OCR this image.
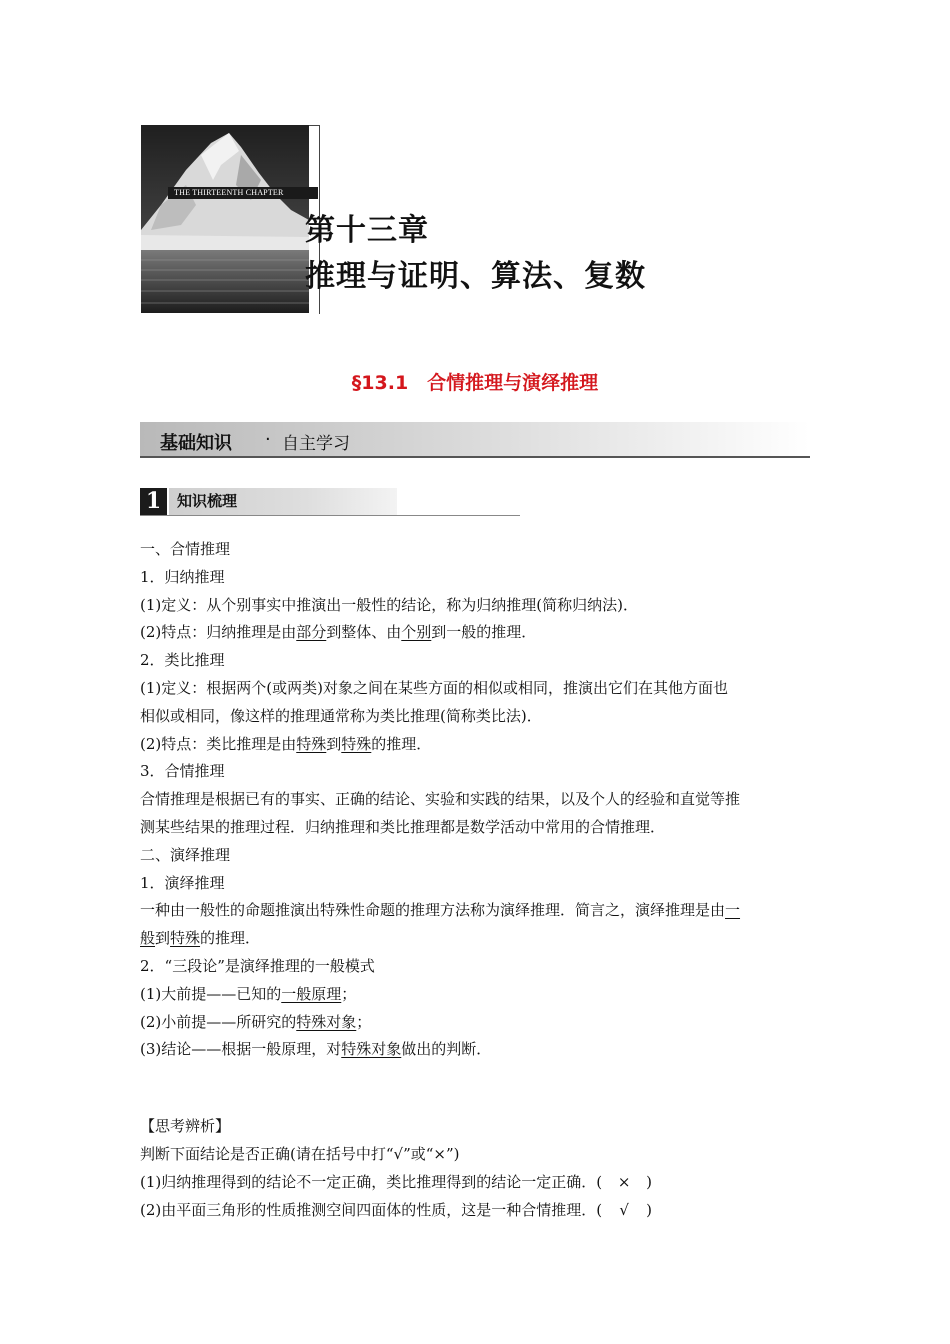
THE THIRTEENTH CHAPTER
第十三章
推理与证明、算法、复数
§13.1　合情推理与演绎推理
基础知识 · 自主学习
1	知识梳理

一、合情推理

1．归纳推理

(1)定义：从个别事实中推演出一般性的结论，称为归纳推理(简称归纳法)．

(2)特点：归纳推理是由部分到整体、由个别到一般的推理．

2．类比推理

(1)定义：根据两个(或两类)对象之间在某些方面的相似或相同，推演出它们在其他方面也

相似或相同，像这样的推理通常称为类比推理(简称类比法)．

(2)特点：类比推理是由特殊到特殊的推理．

3．合情推理

合情推理是根据已有的事实、正确的结论、实验和实践的结果，以及个人的经验和直觉等推

测某些结果的推理过程．归纳推理和类比推理都是数学活动中常用的合情推理．

二、演绎推理

1．演绎推理

一种由一般性的命题推演出特殊性命题的推理方法称为演绎推理．简言之，演绎推理是由一

般到特殊的推理．

2．“三段论”是演绎推理的一般模式

(1)大前提——已知的一般原理；

(2)小前提——所研究的特殊对象；

(3)结论——根据一般原理，对特殊对象做出的判断．

【思考辨析】

判断下面结论是否正确(请在括号中打“√”或“×”)

(1)归纳推理得到的结论不一定正确，类比推理得到的结论一定正确．( × )

(2)由平面三角形的性质推测空间四面体的性质，这是一种合情推理．( √ )
